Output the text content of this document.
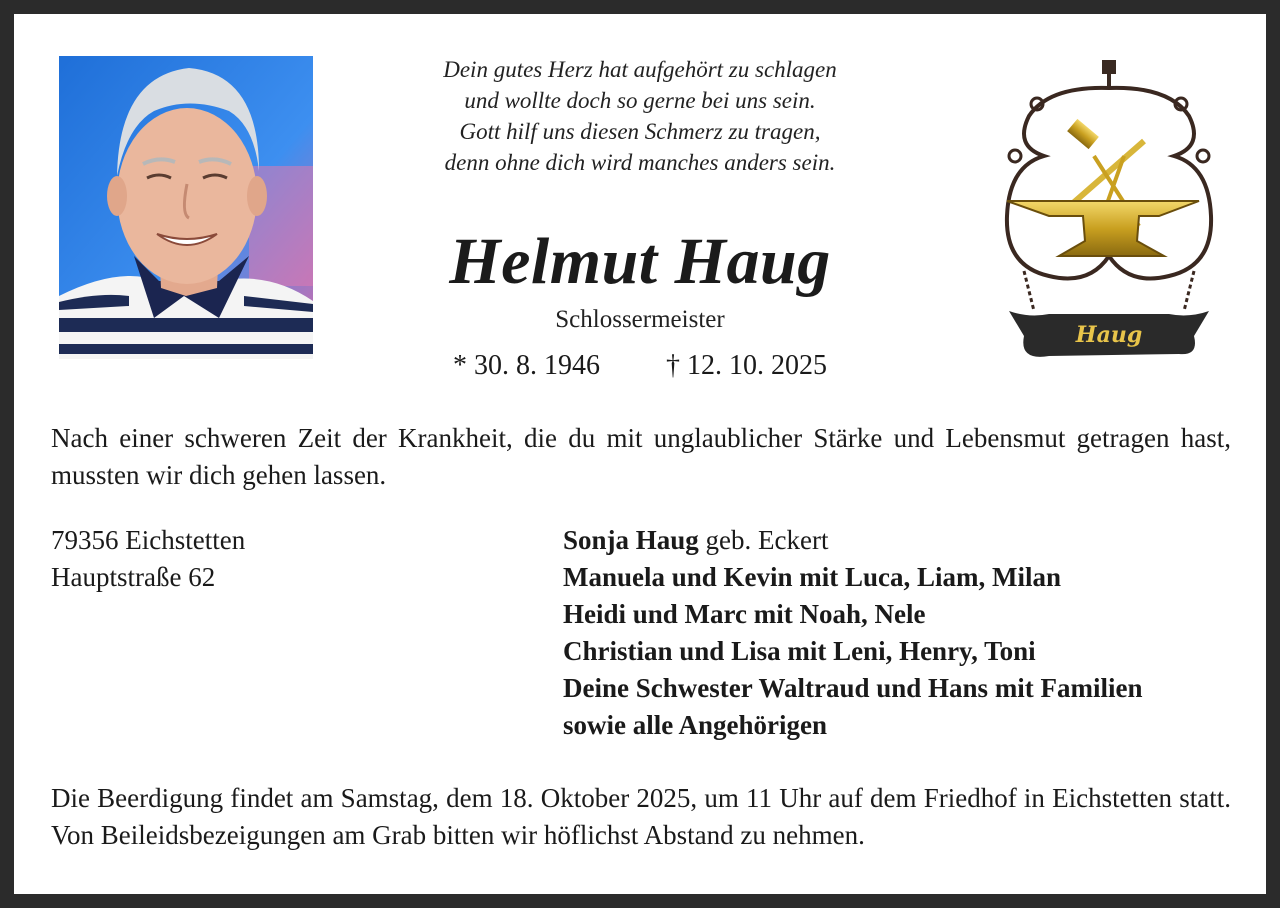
Dein gutes Herz hat aufgehört zu schlagen
und wollte doch so gerne bei uns sein.
Gott hilf uns diesen Schmerz zu tragen,
denn ohne dich wird manches anders sein.
Helmut Haug
Schlossermeister
* 30. 8. 1946 † 12. 10. 2025
Haug
Nach einer schweren Zeit der Krankheit, die du mit unglaublicher Stärke und Lebensmut getragen hast, mussten wir dich gehen lassen.
79356 Eichstetten
Hauptstraße 62
Sonja Haug geb. Eckert
Manuela und Kevin mit Luca, Liam, Milan
Heidi und Marc mit Noah, Nele
Christian und Lisa mit Leni, Henry, Toni
Deine Schwester Waltraud und Hans mit Familien
sowie alle Angehörigen
Die Beerdigung findet am Samstag, dem 18. Oktober 2025, um 11 Uhr auf dem Friedhof in Eichstetten statt. Von Beileidsbezeigungen am Grab bitten wir höflichst Abstand zu nehmen.
